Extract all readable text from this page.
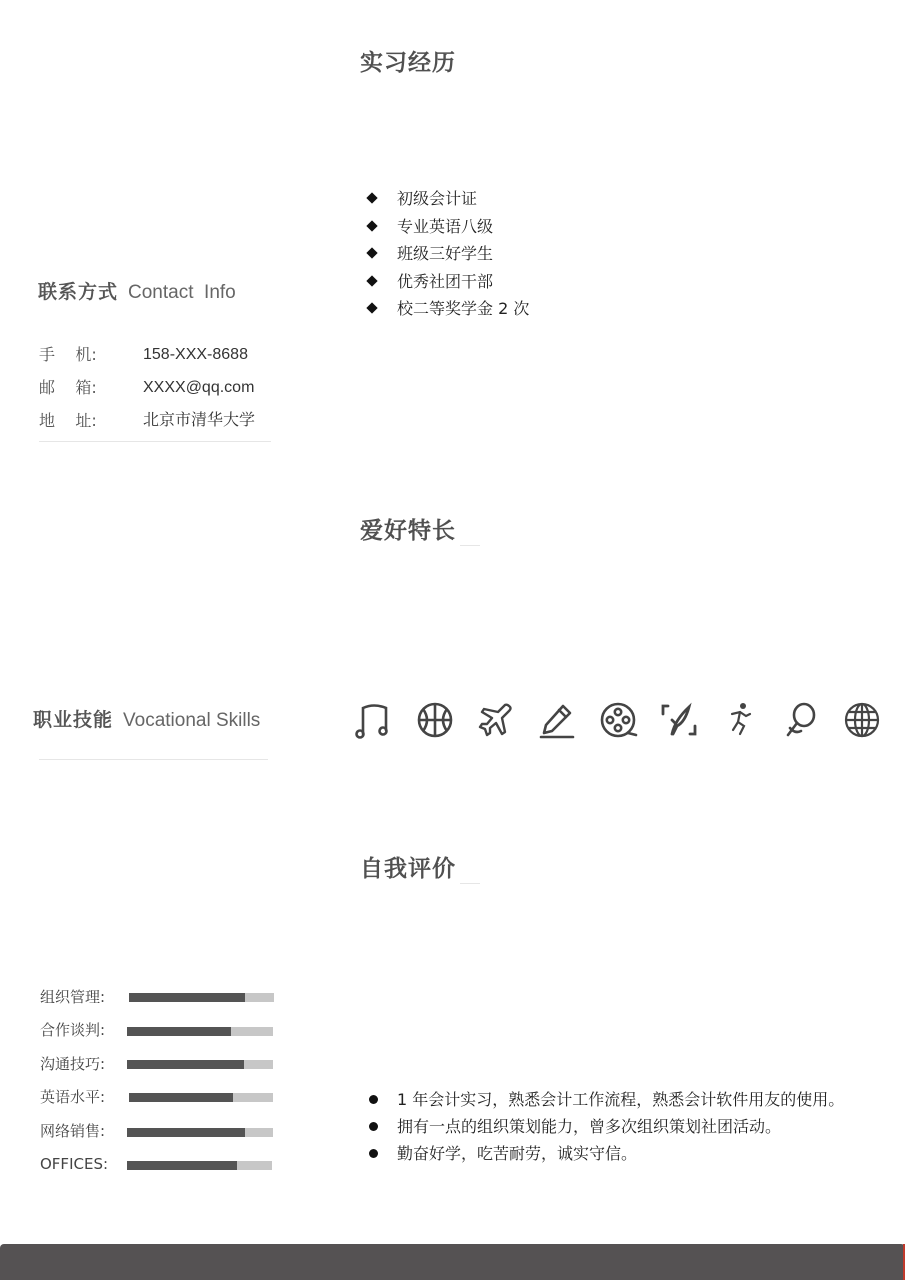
实习经历
初级会计证
专业英语八级
班级三好学生
优秀社团干部
校二等奖学金 2 次
联系方式 Contact  Info
手    机:	158-XXX-8688
邮    箱:	XXXX@qq.com
地    址:	北京市清华大学
爱好特长
职业技能 Vocational Skills
自我评价
组织管理:
合作谈判:
沟通技巧:
英语水平:
网络销售:
OFFICES:
1 年会计实习，熟悉会计工作流程，熟悉会计软件用友的使用。
拥有一点的组织策划能力，曾多次组织策划社团活动。
勤奋好学，吃苦耐劳，诚实守信。
